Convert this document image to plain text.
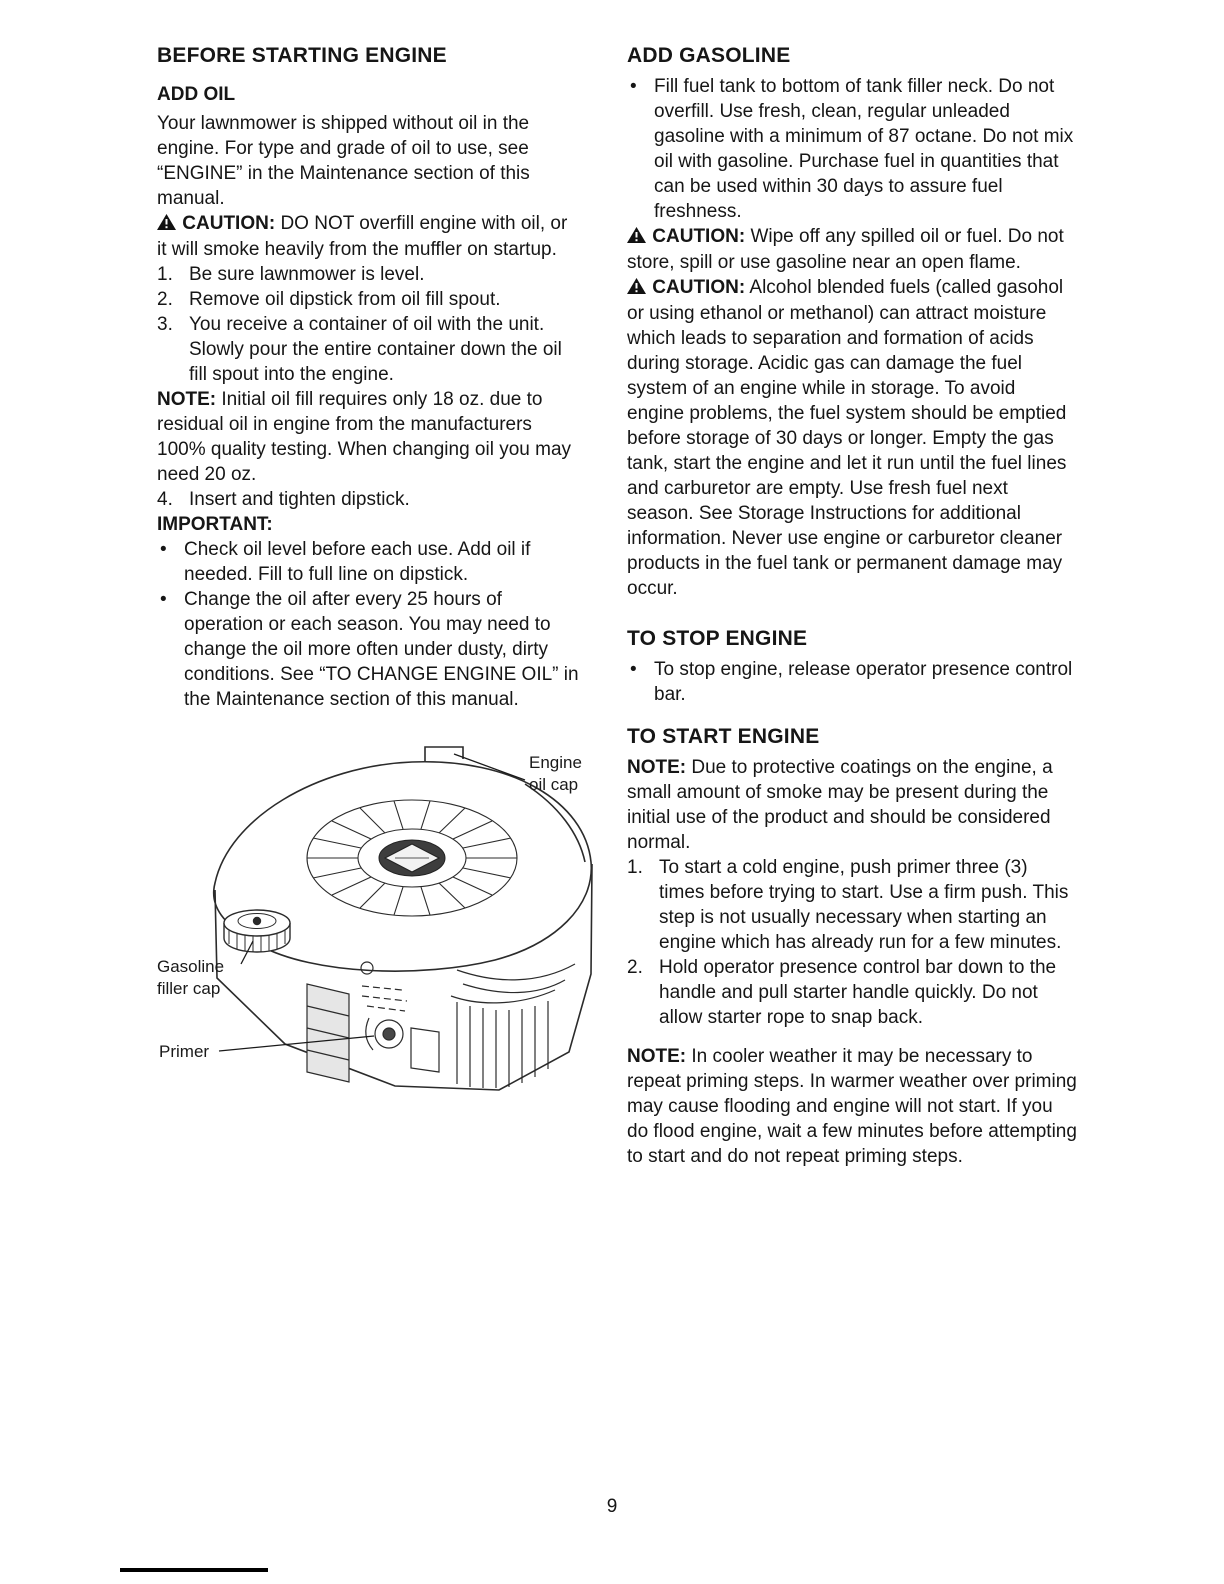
BEFORE STARTING ENGINE
ADD OIL

Your lawnmower is shipped without oil in the engine. For type and grade of oil to use, see “ENGINE” in the Maintenance section of this manual.

CAUTION: DO NOT overfill engine with oil, or it will smoke heavily from the muffler on startup.

1. Be sure lawnmower is level.
2. Remove oil dipstick from oil fill spout.
3. You receive a container of oil with the unit. Slowly pour the entire container down the oil fill spout into the engine.

NOTE: Initial oil fill requires only 18 oz. due to residual oil in engine from the manufacturers 100% quality testing. When changing oil you may need 20 oz.

4. Insert and tighten dipstick.
IMPORTANT:
• Check oil level before each use. Add oil if needed. Fill to full line on dipstick.
• Change the oil after every 25 hours of operation or each season. You may need to change the oil more often under dusty, dirty conditions. See “TO CHANGE ENGINE OIL” in the Maintenance section of this manual.
Engine oil cap
Gasoline filler cap
Primer
ADD GASOLINE
• Fill fuel tank to bottom of tank filler neck. Do not overfill. Use fresh, clean, regular unleaded gasoline with a minimum of 87 octane. Do not mix oil with gasoline. Purchase fuel in quantities that can be used within 30 days to assure fuel freshness.

CAUTION: Wipe off any spilled oil or fuel. Do not store, spill or use gasoline near an open flame.

CAUTION: Alcohol blended fuels (called gasohol or using ethanol or methanol) can attract moisture which leads to separation and formation of acids during storage. Acidic gas can damage the fuel system of an engine while in storage. To avoid engine problems, the fuel system should be emptied before storage of 30 days or longer. Empty the gas tank, start the engine and let it run until the fuel lines and carburetor are empty. Use fresh fuel next season. See Storage Instructions for additional information. Never use engine or carburetor cleaner products in the fuel tank or permanent damage may occur.

TO STOP ENGINE
• To stop engine, release operator presence control bar.
TO START ENGINE

NOTE: Due to protective coatings on the engine, a small amount of smoke may be present during the initial use of the product and should be considered normal.

1. To start a cold engine, push primer three (3) times before trying to start. Use a firm push. This step is not usually necessary when starting an engine which has already run for a few minutes.
2. Hold operator presence control bar down to the handle and pull starter handle quickly. Do not allow starter rope to snap back.

NOTE: In cooler weather it may be necessary to repeat priming steps. In warmer weather over priming may cause flooding and engine will not start. If you do flood engine, wait a few minutes before attempting to start and do not repeat priming steps.

9
